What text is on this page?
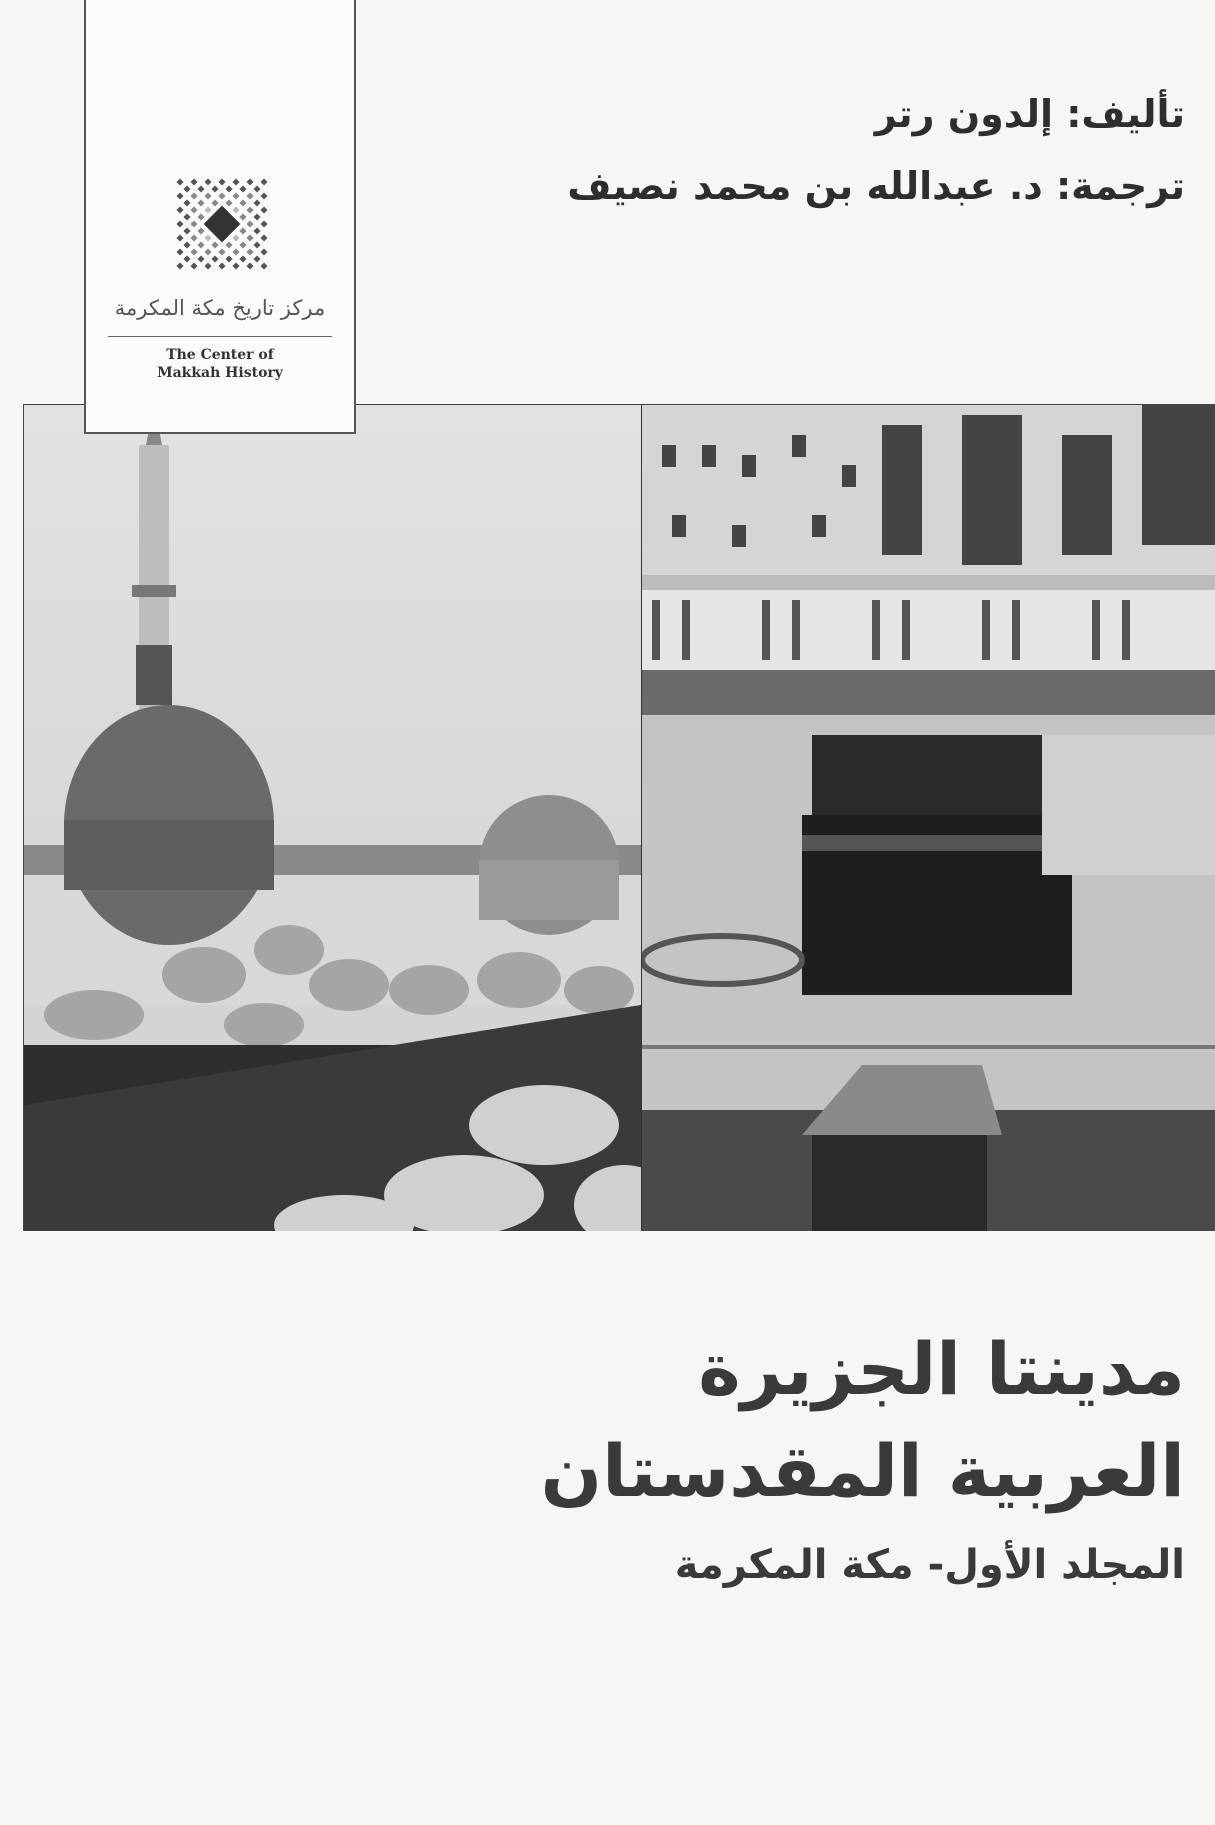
مركز تاريخ مكة المكرمة
The Center of
Makkah History
تأليف: إلدون رتر
ترجمة: د. عبدالله بن محمد نصيف
مدينتا الجزيرة
العربية المقدستان
المجلد الأول- مكة المكرمة
